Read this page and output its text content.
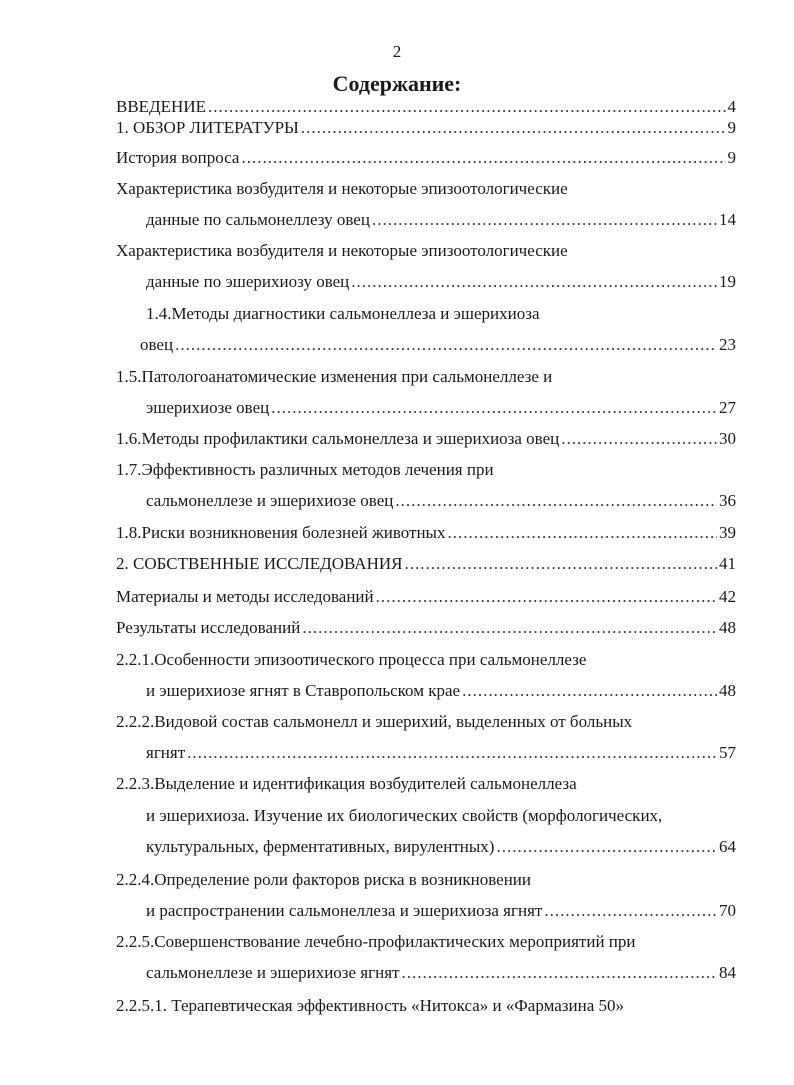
2
Содержание:
ВВЕДЕНИЕ .....	4
1. ОБЗОР ЛИТЕРАТУРЫ .....	9
История вопроса .....	9
Характеристика возбудителя и некоторые эпизоотологические
данные по сальмонеллезу овец .....	14
Характеристика возбудителя и некоторые эпизоотологические
данные по эшерихиозу овец .....	19
1.4.Методы диагностики сальмонеллеза и эшерихиоза
овец .....	23
1.5.Патологоанатомические изменения при сальмонеллезе и
эшерихиозе овец .....	27
1.6.Методы профилактики сальмонеллеза и эшерихиоза овец .....	30
1.7.Эффективность различных методов лечения при
сальмонеллезе и эшерихиозе овец .....	36
1.8.Риски возникновения болезней животных .....	39
2. СОБСТВЕННЫЕ ИССЛЕДОВАНИЯ .....	41
Материалы и методы исследований .....	42
Результаты исследований .....	48
2.2.1.Особенности эпизоотического процесса при сальмонеллезе
и эшерихиозе ягнят в Ставропольском крае .....	48
2.2.2.Видовой состав сальмонелл и эшерихий, выделенных от больных
ягнят .....	57
2.2.3.Выделение и идентификация возбудителей сальмонеллеза
и эшерихиоза. Изучение их биологических свойств (морфологических,
культуральных, ферментативных, вирулентных) .....	64
2.2.4.Определение роли факторов риска в возникновении
и распространении сальмонеллеза и эшерихиоза ягнят .....	70
2.2.5.Совершенствование лечебно-профилактических мероприятий при
сальмонеллезе и эшерихиозе ягнят .....	84
2.2.5.1. Терапевтическая эффективность «Нитокса» и «Фармазина 50»
